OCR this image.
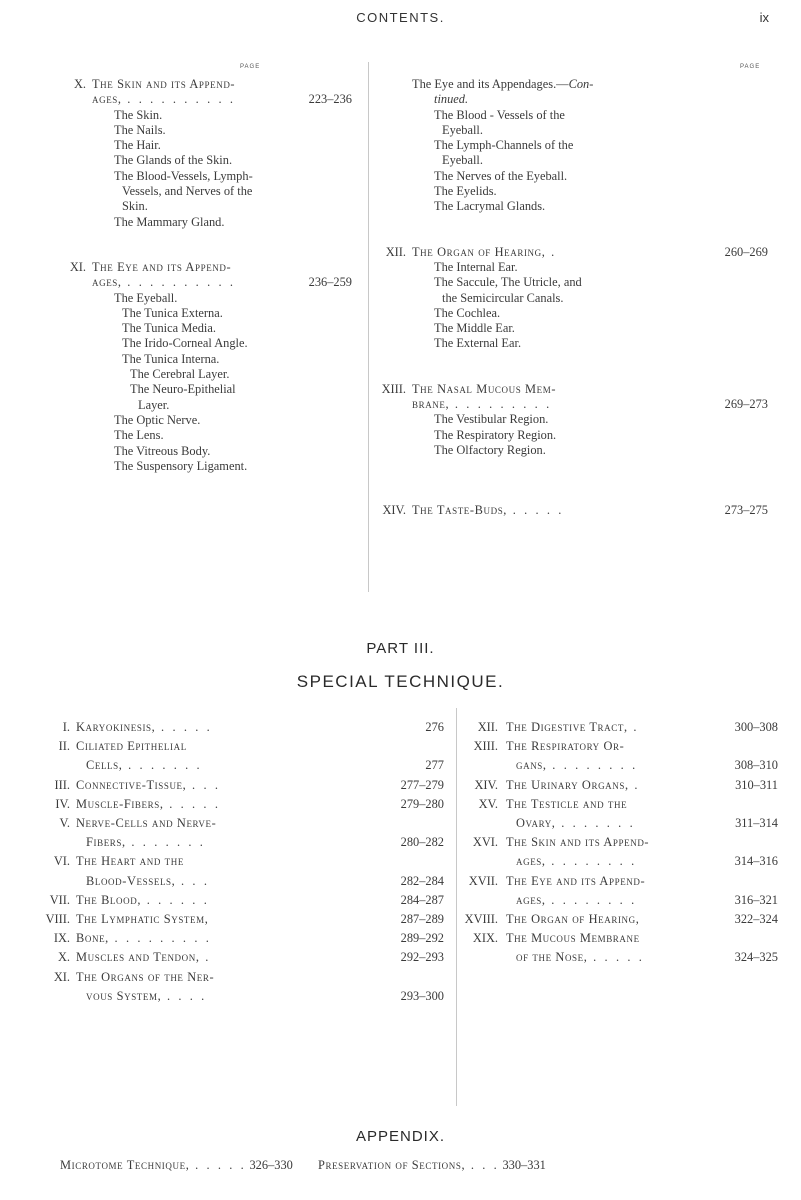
CONTENTS.	ix
X. The Skin and its Append-
ages, . . . . . . . . . .	223–236
The Skin.
The Nails.
The Hair.
The Glands of the Skin.
The Blood-Vessels, Lymph-
Vessels, and Nerves of the
Skin.
The Mammary Gland.
XI. The Eye and its Append-
ages, . . . . . . . . . .	236–259
The Eyeball.
The Tunica Externa.
The Tunica Media.
The Irido-Corneal Angle.
The Tunica Interna.
The Cerebral Layer.
The Neuro-Epithelial
Layer.
The Optic Nerve.
The Lens.
The Vitreous Body.
The Suspensory Ligament.
PAGE
The Eye and its Appendages.—Con-
tinued.
The Blood - Vessels of the
Eyeball.
The Lymph-Channels of the
Eyeball.
The Nerves of the Eyeball.
The Eyelids.
The Lacrymal Glands.
XII. The Organ of Hearing, .	260–269
The Internal Ear.
The Saccule, The Utricle, and
the Semicircular Canals.
The Cochlea.
The Middle Ear.
The External Ear.
XIII. The Nasal Mucous Mem-
brane, . . . . . . . . .	269–273
The Vestibular Region.
The Respiratory Region.
The Olfactory Region.
XIV. The Taste-Buds, . . . . .	273–275
PAGE
PART III.
SPECIAL TECHNIQUE.
I. Karyokinesis, . . . . .	276
II. Ciliated Epithelial
Cells, . . . . . . .	277
III. Connective-Tissue, . . .	277–279
IV. Muscle-Fibers, . . . . .	279–280
V. Nerve-Cells and Nerve-
Fibers, . . . . . . .	280–282
VI. The Heart and the
Blood-Vessels, . . .	282–284
VII. The Blood, . . . . . .	284–287
VIII. The Lymphatic System,	287–289
IX. Bone, . . . . . . . . .	289–292
X. Muscles and Tendon, .	292–293
XI. The Organs of the Ner-
vous System, . . . .	293–300
XII. The Digestive Tract, .	300–308
XIII. The Respiratory Or-
gans, . . . . . . . .	308–310
XIV. The Urinary Organs, .	310–311
XV. The Testicle and the
Ovary, . . . . . . .	311–314
XVI. The Skin and its Append-
ages, . . . . . . . .	314–316
XVII. The Eye and its Append-
ages, . . . . . . . .	316–321
XVIII. The Organ of Hearing,	322–324
XIX. The Mucous Membrane
of the Nose, . . . . .	324–325
APPENDIX.
Microtome Technique, . . . . . 326–330 Preservation of Sections, . . . 330–331
